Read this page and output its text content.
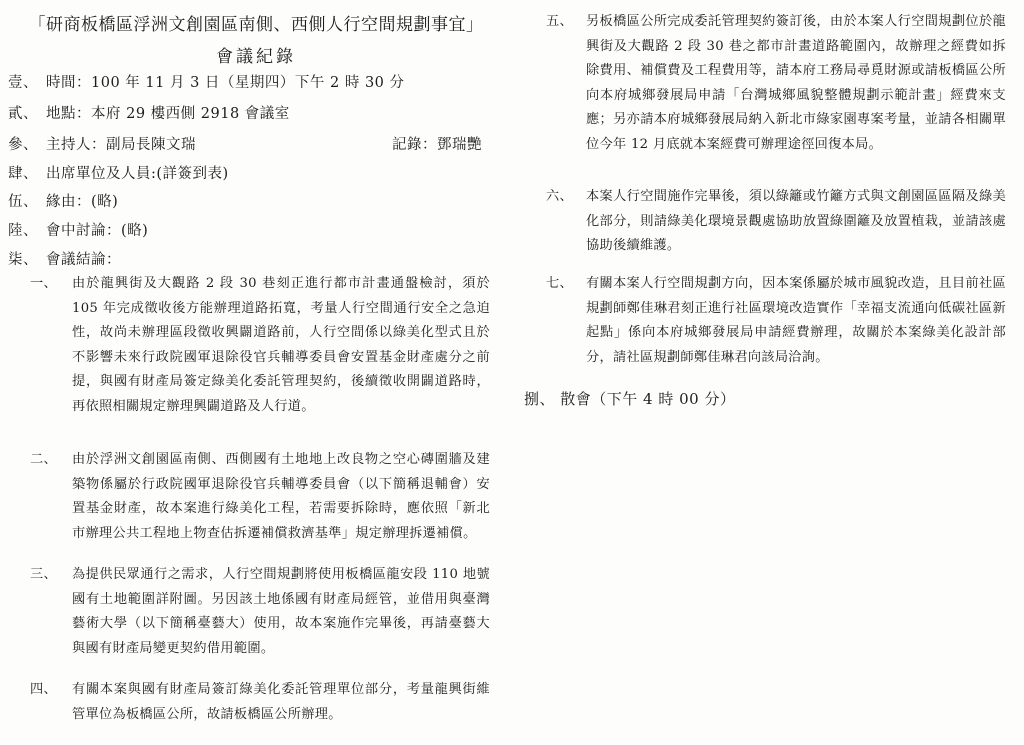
「研商板橋區浮洲文創園區南側、西側人行空間規劃事宜」
會議紀錄
壹、 時間：100 年 11 月 3 日（星期四）下午 2 時 30 分
貳、 地點：本府 29 樓西側 2918 會議室
參、 主持人：副局長陳文瑞	記錄：鄧瑞艷
肆、 出席單位及人員:(詳簽到表)
伍、 緣由：(略)
陸、 會中討論：(略)
柒、 會議結論：
一、 由於龍興街及大觀路 2 段 30 巷刻正進行都市計畫通盤檢討，須於 105 年完成徵收後方能辦理道路拓寬，考量人行空間通行安全之急迫性，故尚未辦理區段徵收興闢道路前，人行空間係以綠美化型式且於不影響未來行政院國軍退除役官兵輔導委員會安置基金財產處分之前提，與國有財產局簽定綠美化委託管理契約，後續徵收開闢道路時，再依照相關規定辦理興闢道路及人行道。
二、 由於浮洲文創園區南側、西側國有土地地上改良物之空心磚圍牆及建築物係屬於行政院國軍退除役官兵輔導委員會（以下簡稱退輔會）安置基金財產，故本案進行綠美化工程，若需要拆除時，應依照「新北市辦理公共工程地上物查估拆遷補償救濟基準」規定辦理拆遷補償。
三、 為提供民眾通行之需求，人行空間規劃將使用板橋區龍安段 110 地號國有土地範圍詳附圖。另因該土地係國有財產局經管，並借用與臺灣藝術大學（以下簡稱臺藝大）使用，故本案施作完畢後，再請臺藝大與國有財產局變更契約借用範圍。
四、 有關本案與國有財產局簽訂綠美化委託管理單位部分，考量龍興街維管單位為板橋區公所，故請板橋區公所辦理。
五、 另板橋區公所完成委託管理契約簽訂後，由於本案人行空間規劃位於龍興街及大觀路 2 段 30 巷之都市計畫道路範圍內，故辦理之經費如拆除費用、補償費及工程費用等，請本府工務局尋覓財源或請板橋區公所向本府城鄉發展局申請「台灣城鄉風貌整體規劃示範計畫」經費來支應；另亦請本府城鄉發展局納入新北市綠家園專案考量，並請各相關單位今年 12 月底就本案經費可辦理途徑回復本局。
六、 本案人行空間施作完畢後，須以綠籬或竹籬方式與文創園區區隔及綠美化部分，則請綠美化環境景觀處協助放置綠圍籬及放置植栽，並請該處協助後續維護。
七、 有關本案人行空間規劃方向，因本案係屬於城市風貌改造，且目前社區規劃師鄭佳琳君刻正進行社區環境改造實作「幸福支流通向低碳社區新起點」係向本府城鄉發展局申請經費辦理，故關於本案綠美化設計部分，請社區規劃師鄭佳琳君向該局洽詢。
捌、 散會（下午 4 時 00 分）
